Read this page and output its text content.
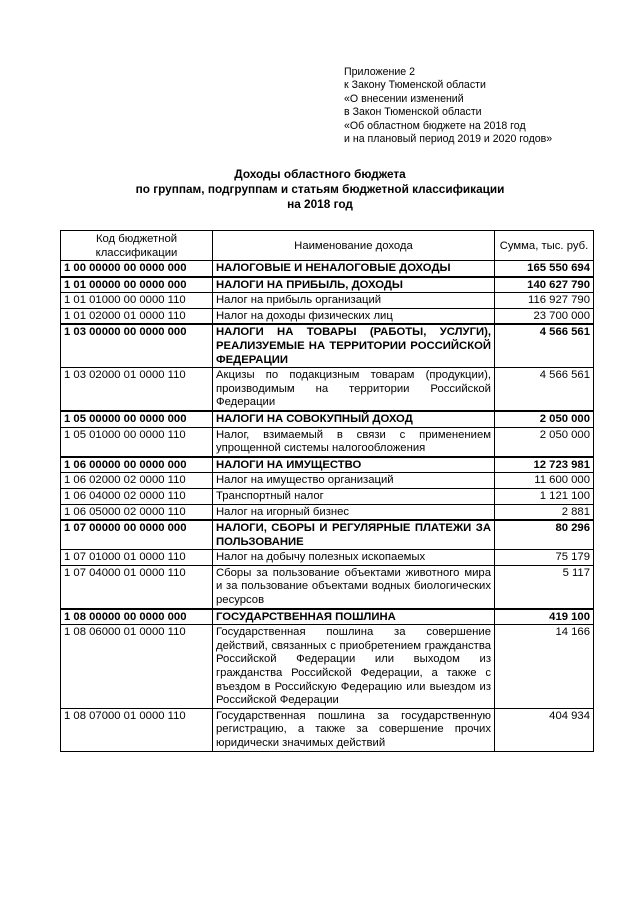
Приложение 2
к Закону Тюменской области
«О внесении изменений
в Закон Тюменской области
«Об областном бюджете на 2018 год
и на плановый период 2019 и 2020 годов»
Доходы областного бюджета
по группам, подгруппам и статьям бюджетной классификации
на 2018 год
Код бюджетной классификации	Наименование дохода	Сумма, тыс. руб.
1 00 00000 00 0000 000	НАЛОГОВЫЕ И НЕНАЛОГОВЫЕ ДОХОДЫ	165 550 694
1 01 00000 00 0000 000	НАЛОГИ НА ПРИБЫЛЬ, ДОХОДЫ	140 627 790
1 01 01000 00 0000 110	Налог на прибыль организаций	116 927 790
1 01 02000 01 0000 110	Налог на доходы физических лиц	23 700 000
1 03 00000 00 0000 000	НАЛОГИ НА ТОВАРЫ (РАБОТЫ, УСЛУГИ), РЕАЛИЗУЕМЫЕ НА ТЕРРИТОРИИ РОССИЙСКОЙ ФЕДЕРАЦИИ	4 566 561
1 03 02000 01 0000 110	Акцизы по подакцизным товарам (продукции), производимым на территории Российской Федерации	4 566 561
1 05 00000 00 0000 000	НАЛОГИ НА СОВОКУПНЫЙ ДОХОД	2 050 000
1 05 01000 00 0000 110	Налог, взимаемый в связи с применением упрощенной системы налогообложения	2 050 000
1 06 00000 00 0000 000	НАЛОГИ НА ИМУЩЕСТВО	12 723 981
1 06 02000 02 0000 110	Налог на имущество организаций	11 600 000
1 06 04000 02 0000 110	Транспортный налог	1 121 100
1 06 05000 02 0000 110	Налог на игорный бизнес	2 881
1 07 00000 00 0000 000	НАЛОГИ, СБОРЫ И РЕГУЛЯРНЫЕ ПЛАТЕЖИ ЗА ПОЛЬЗОВАНИЕ	80 296
1 07 01000 01 0000 110	Налог на добычу полезных ископаемых	75 179
1 07 04000 01 0000 110	Сборы за пользование объектами животного мира и за пользование объектами водных биологических ресурсов	5 117
1 08 00000 00 0000 000	ГОСУДАРСТВЕННАЯ ПОШЛИНА	419 100
1 08 06000 01 0000 110	Государственная пошлина за совершение действий, связанных с приобретением гражданства Российской Федерации или выходом из гражданства Российской Федерации, а также с въездом в Российскую Федерацию или выездом из Российской Федерации	14 166
1 08 07000 01 0000 110	Государственная пошлина за государственную регистрацию, а также за совершение прочих юридически значимых действий	404 934
